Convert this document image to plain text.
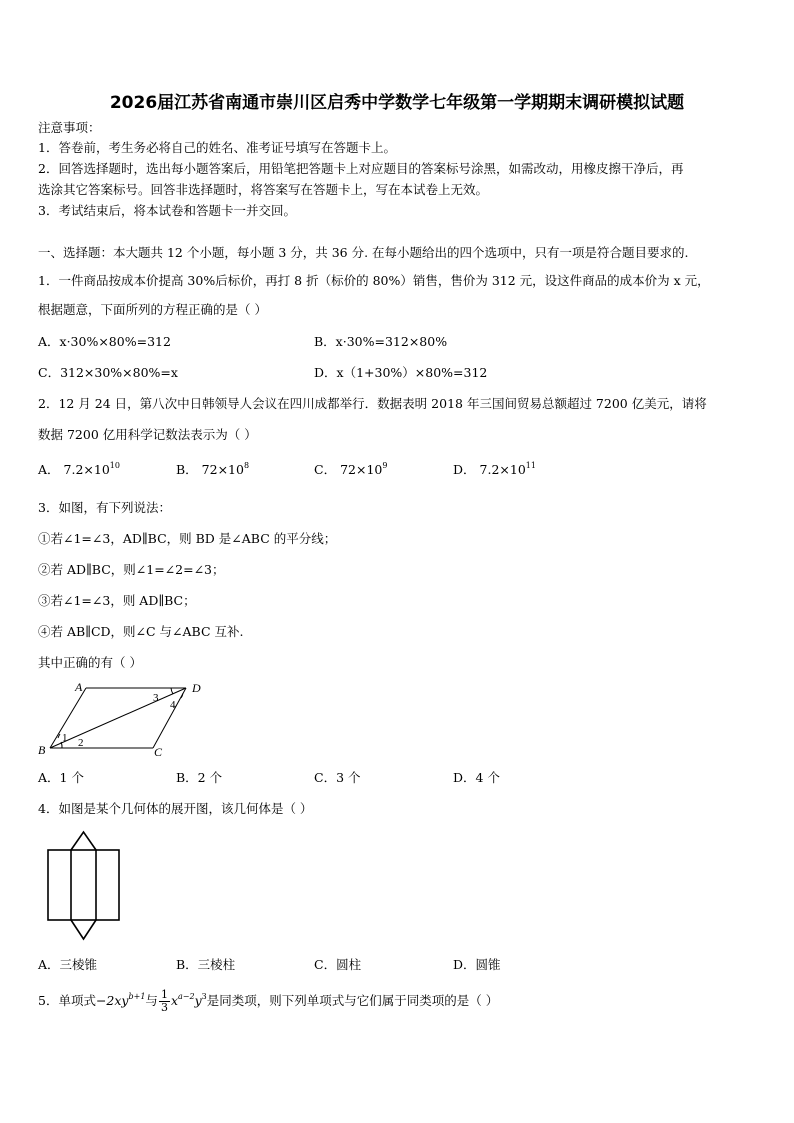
2026届江苏省南通市崇川区启秀中学数学七年级第一学期期末调研模拟试题
注意事项：
1．答卷前，考生务必将自己的姓名、准考证号填写在答题卡上。
2．回答选择题时，选出每小题答案后，用铅笔把答题卡上对应题目的答案标号涂黑，如需改动，用橡皮擦干净后，再
选涂其它答案标号。回答非选择题时，将答案写在答题卡上，写在本试卷上无效。
3．考试结束后，将本试卷和答题卡一并交回。
一、选择题：本大题共 12 个小题，每小题 3 分，共 36 分. 在每小题给出的四个选项中，只有一项是符合题目要求的.
1．一件商品按成本价提高 30%后标价，再打 8 折（标价的 80%）销售，售价为 312 元，设这件商品的成本价为 x 元，
根据题意，下面所列的方程正确的是（ ）
A．x·30%×80%=312	B．x·30%=312×80%
C．312×30%×80%=x	D．x（1+30%）×80%=312
2．12 月 24 日，第八次中日韩领导人会议在四川成都举行．数据表明 2018 年三国间贸易总额超过 7200 亿美元，请将
数据 7200 亿用科学记数法表示为（ ）
A． $7.2\times 10^{10}$	B． $72\times 10^8$	C． $72\times 10^9$	D． $7.2\times 10^{11}$
3．如图，有下列说法：
①若∠1=∠3，AD∥BC，则 BD 是∠ABC 的平分线；
②若 AD∥BC，则∠1=∠2=∠3；
③若∠1=∠3，则 AD∥BC；
④若 AB∥CD，则∠C 与∠ABC 互补.
其中正确的有（ ）
A	D
B	C
1 2
3
4
A．1 个	B．2 个	C．3 个	D．4 个
4．如图是某个几何体的展开图，该几何体是（ ）
A．三棱锥	B．三棱柱	C．圆柱	D．圆锥
5．单项式$-2xy^{b+1}$与 $\frac{1}{3} x^{a-2}y^3$是同类项，则下列单项式与它们属于同类项的是（ ）
